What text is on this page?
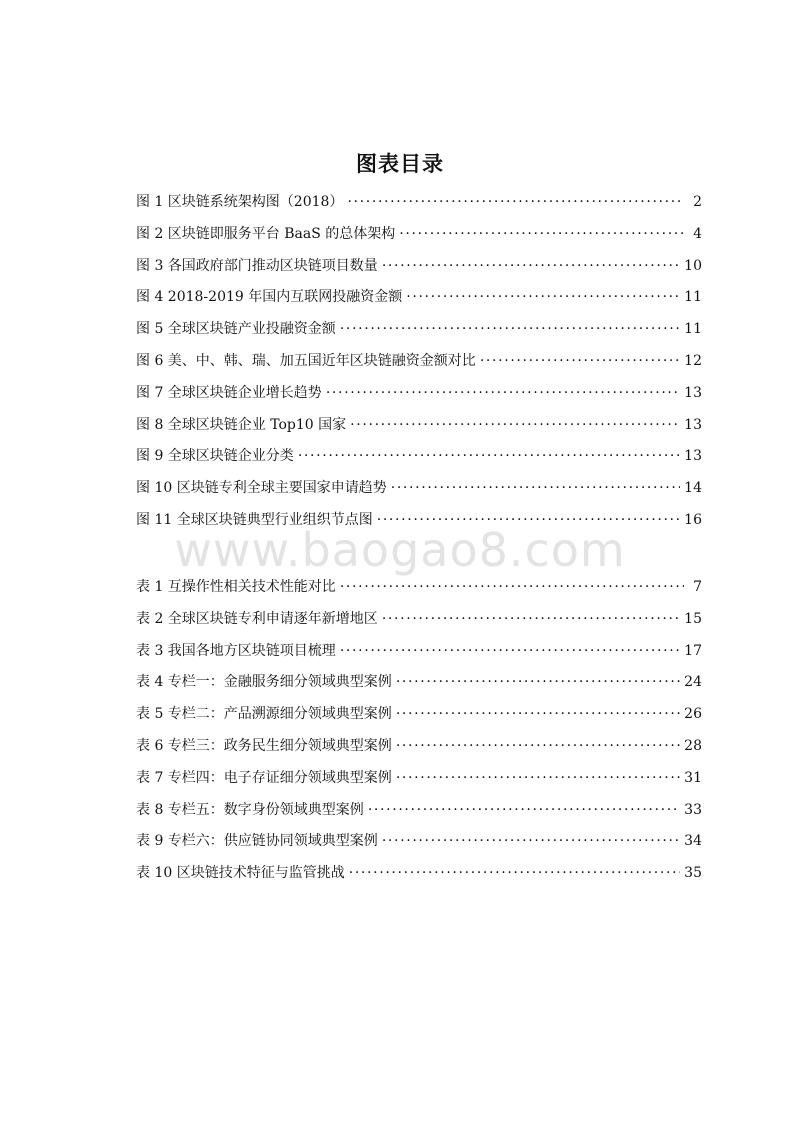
图表目录
www.baogao8.com
图 1 区块链系统架构图（2018） . . .	2
图 2 区块链即服务平台 BaaS 的总体架构 . . .	4
图 3 各国政府部门推动区块链项目数量 . . .	10
图 4 2018-2019 年国内互联网投融资金额 . . .	11
图 5 全球区块链产业投融资金额 . . .	11
图 6 美、中、韩、瑞、加五国近年区块链融资金额对比 . . .	12
图 7 全球区块链企业增长趋势 . . .	13
图 8 全球区块链企业 Top10 国家 . . .	13
图 9 全球区块链企业分类 . . .	13
图 10 区块链专利全球主要国家申请趋势 . . .	14
图 11 全球区块链典型行业组织节点图 . . .	16
表 1 互操作性相关技术性能对比 . . .	7
表 2 全球区块链专利申请逐年新增地区 . . .	15
表 3 我国各地方区块链项目梳理 . . .	17
表 4 专栏一：金融服务细分领域典型案例 . . .	24
表 5 专栏二：产品溯源细分领域典型案例 . . .	26
表 6 专栏三：政务民生细分领域典型案例 . . .	28
表 7 专栏四：电子存证细分领域典型案例 . . .	31
表 8 专栏五：数字身份领域典型案例 . . .	33
表 9 专栏六：供应链协同领域典型案例 . . .	34
表 10 区块链技术特征与监管挑战 . . .	35
